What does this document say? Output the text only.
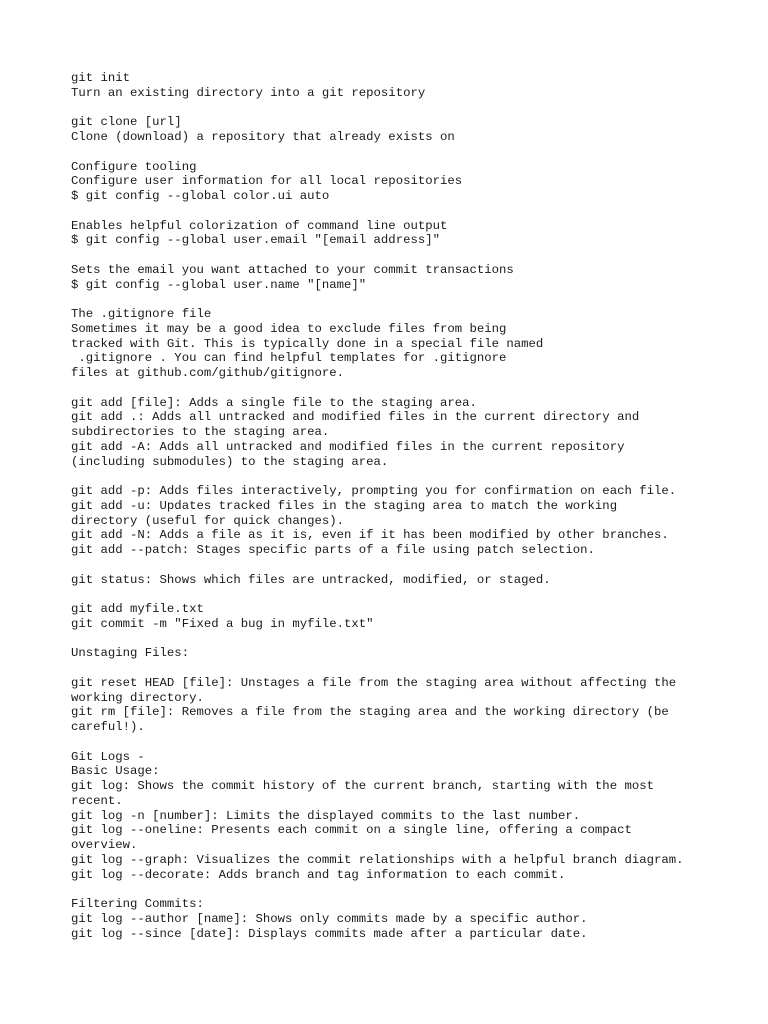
git init
Turn an existing directory into a git repository
git clone [url]
Clone (download) a repository that already exists on
Configure tooling
Configure user information for all local repositories
$ git config --global color.ui auto
Enables helpful colorization of command line output
$ git config --global user.email "[email address]"
Sets the email you want attached to your commit transactions
$ git config --global user.name "[name]"
The .gitignore file
Sometimes it may be a good idea to exclude files from being
tracked with Git. This is typically done in a special file named
.gitignore . You can find helpful templates for .gitignore
files at github.com/github/gitignore.
git add [file]: Adds a single file to the staging area.
git add .: Adds all untracked and modified files in the current directory and
subdirectories to the staging area.
git add -A: Adds all untracked and modified files in the current repository
(including submodules) to the staging area.
git add -p: Adds files interactively, prompting you for confirmation on each file.
git add -u: Updates tracked files in the staging area to match the working
directory (useful for quick changes).
git add -N: Adds a file as it is, even if it has been modified by other branches.
git add --patch: Stages specific parts of a file using patch selection.
git status: Shows which files are untracked, modified, or staged.
git add myfile.txt
git commit -m "Fixed a bug in myfile.txt"
Unstaging Files:
git reset HEAD [file]: Unstages a file from the staging area without affecting the
working directory.
git rm [file]: Removes a file from the staging area and the working directory (be
careful!).
Git Logs -
Basic Usage:
git log: Shows the commit history of the current branch, starting with the most
recent.
git log -n [number]: Limits the displayed commits to the last number.
git log --oneline: Presents each commit on a single line, offering a compact
overview.
git log --graph: Visualizes the commit relationships with a helpful branch diagram.
git log --decorate: Adds branch and tag information to each commit.
Filtering Commits:
git log --author [name]: Shows only commits made by a specific author.
git log --since [date]: Displays commits made after a particular date.
